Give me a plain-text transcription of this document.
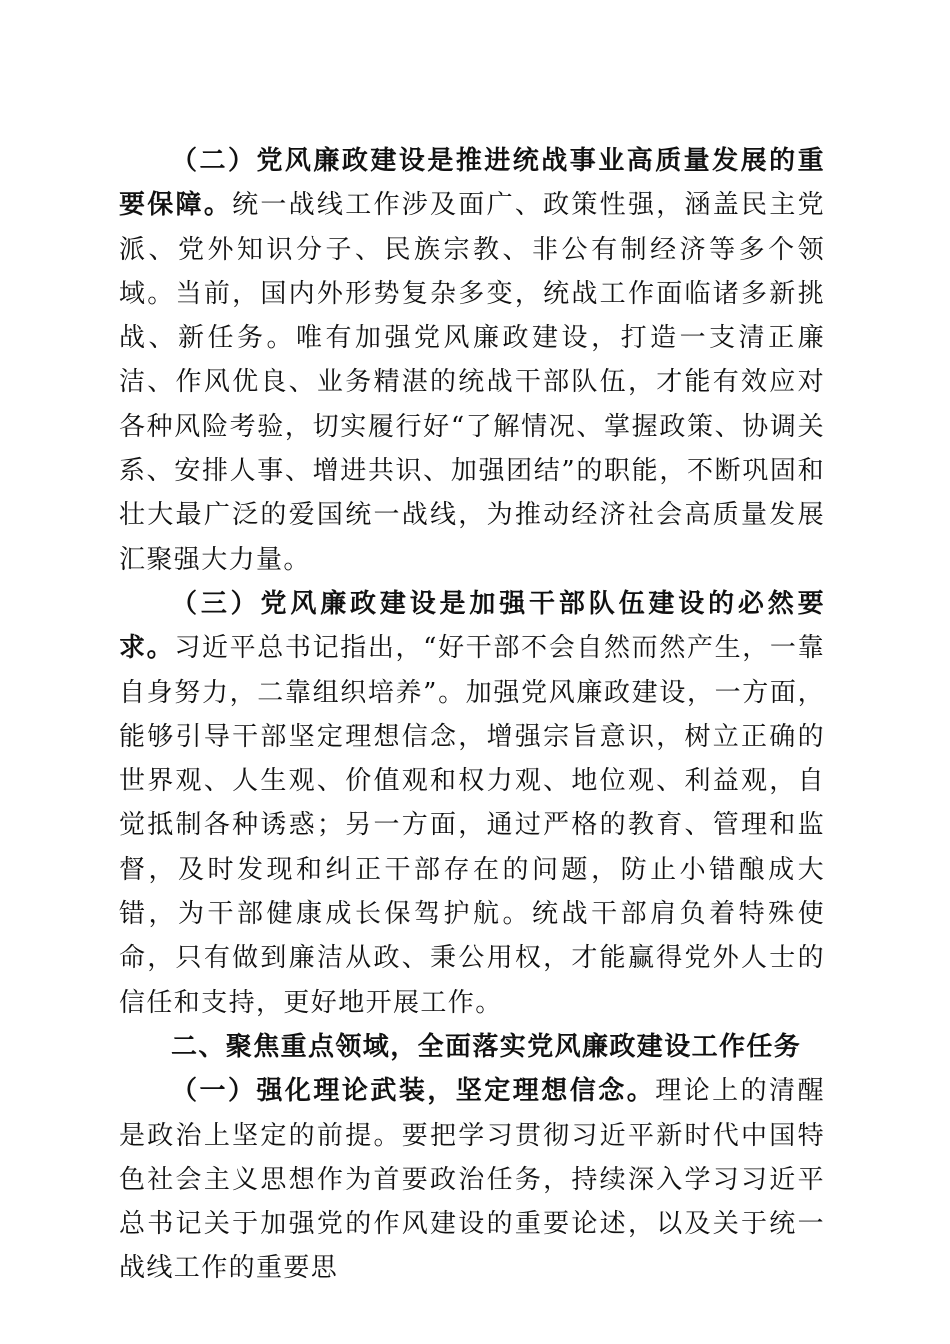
（二）党风廉政建设是推进统战事业高质量发展的重要保障。统一战线工作涉及面广、政策性强，涵盖民主党派、党外知识分子、民族宗教、非公有制经济等多个领域。当前，国内外形势复杂多变，统战工作面临诸多新挑战、新任务。唯有加强党风廉政建设，打造一支清正廉洁、作风优良、业务精湛的统战干部队伍，才能有效应对各种风险考验，切实履行好“了解情况、掌握政策、协调关系、安排人事、增进共识、加强团结”的职能，不断巩固和壮大最广泛的爱国统一战线，为推动经济社会高质量发展汇聚强大力量。

（三）党风廉政建设是加强干部队伍建设的必然要求。习近平总书记指出，“好干部不会自然而然产生，一靠自身努力，二靠组织培养”。加强党风廉政建设，一方面，能够引导干部坚定理想信念，增强宗旨意识，树立正确的世界观、人生观、价值观和权力观、地位观、利益观，自觉抵制各种诱惑；另一方面，通过严格的教育、管理和监督，及时发现和纠正干部存在的问题，防止小错酿成大错，为干部健康成长保驾护航。统战干部肩负着特殊使命，只有做到廉洁从政、秉公用权，才能赢得党外人士的信任和支持，更好地开展工作。

二、聚焦重点领域，全面落实党风廉政建设工作任务

（一）强化理论武装，坚定理想信念。理论上的清醒是政治上坚定的前提。要把学习贯彻习近平新时代中国特色社会主义思想作为首要政治任务，持续深入学习习近平总书记关于加强党的作风建设的重要论述，以及关于统一战线工作的重要思
